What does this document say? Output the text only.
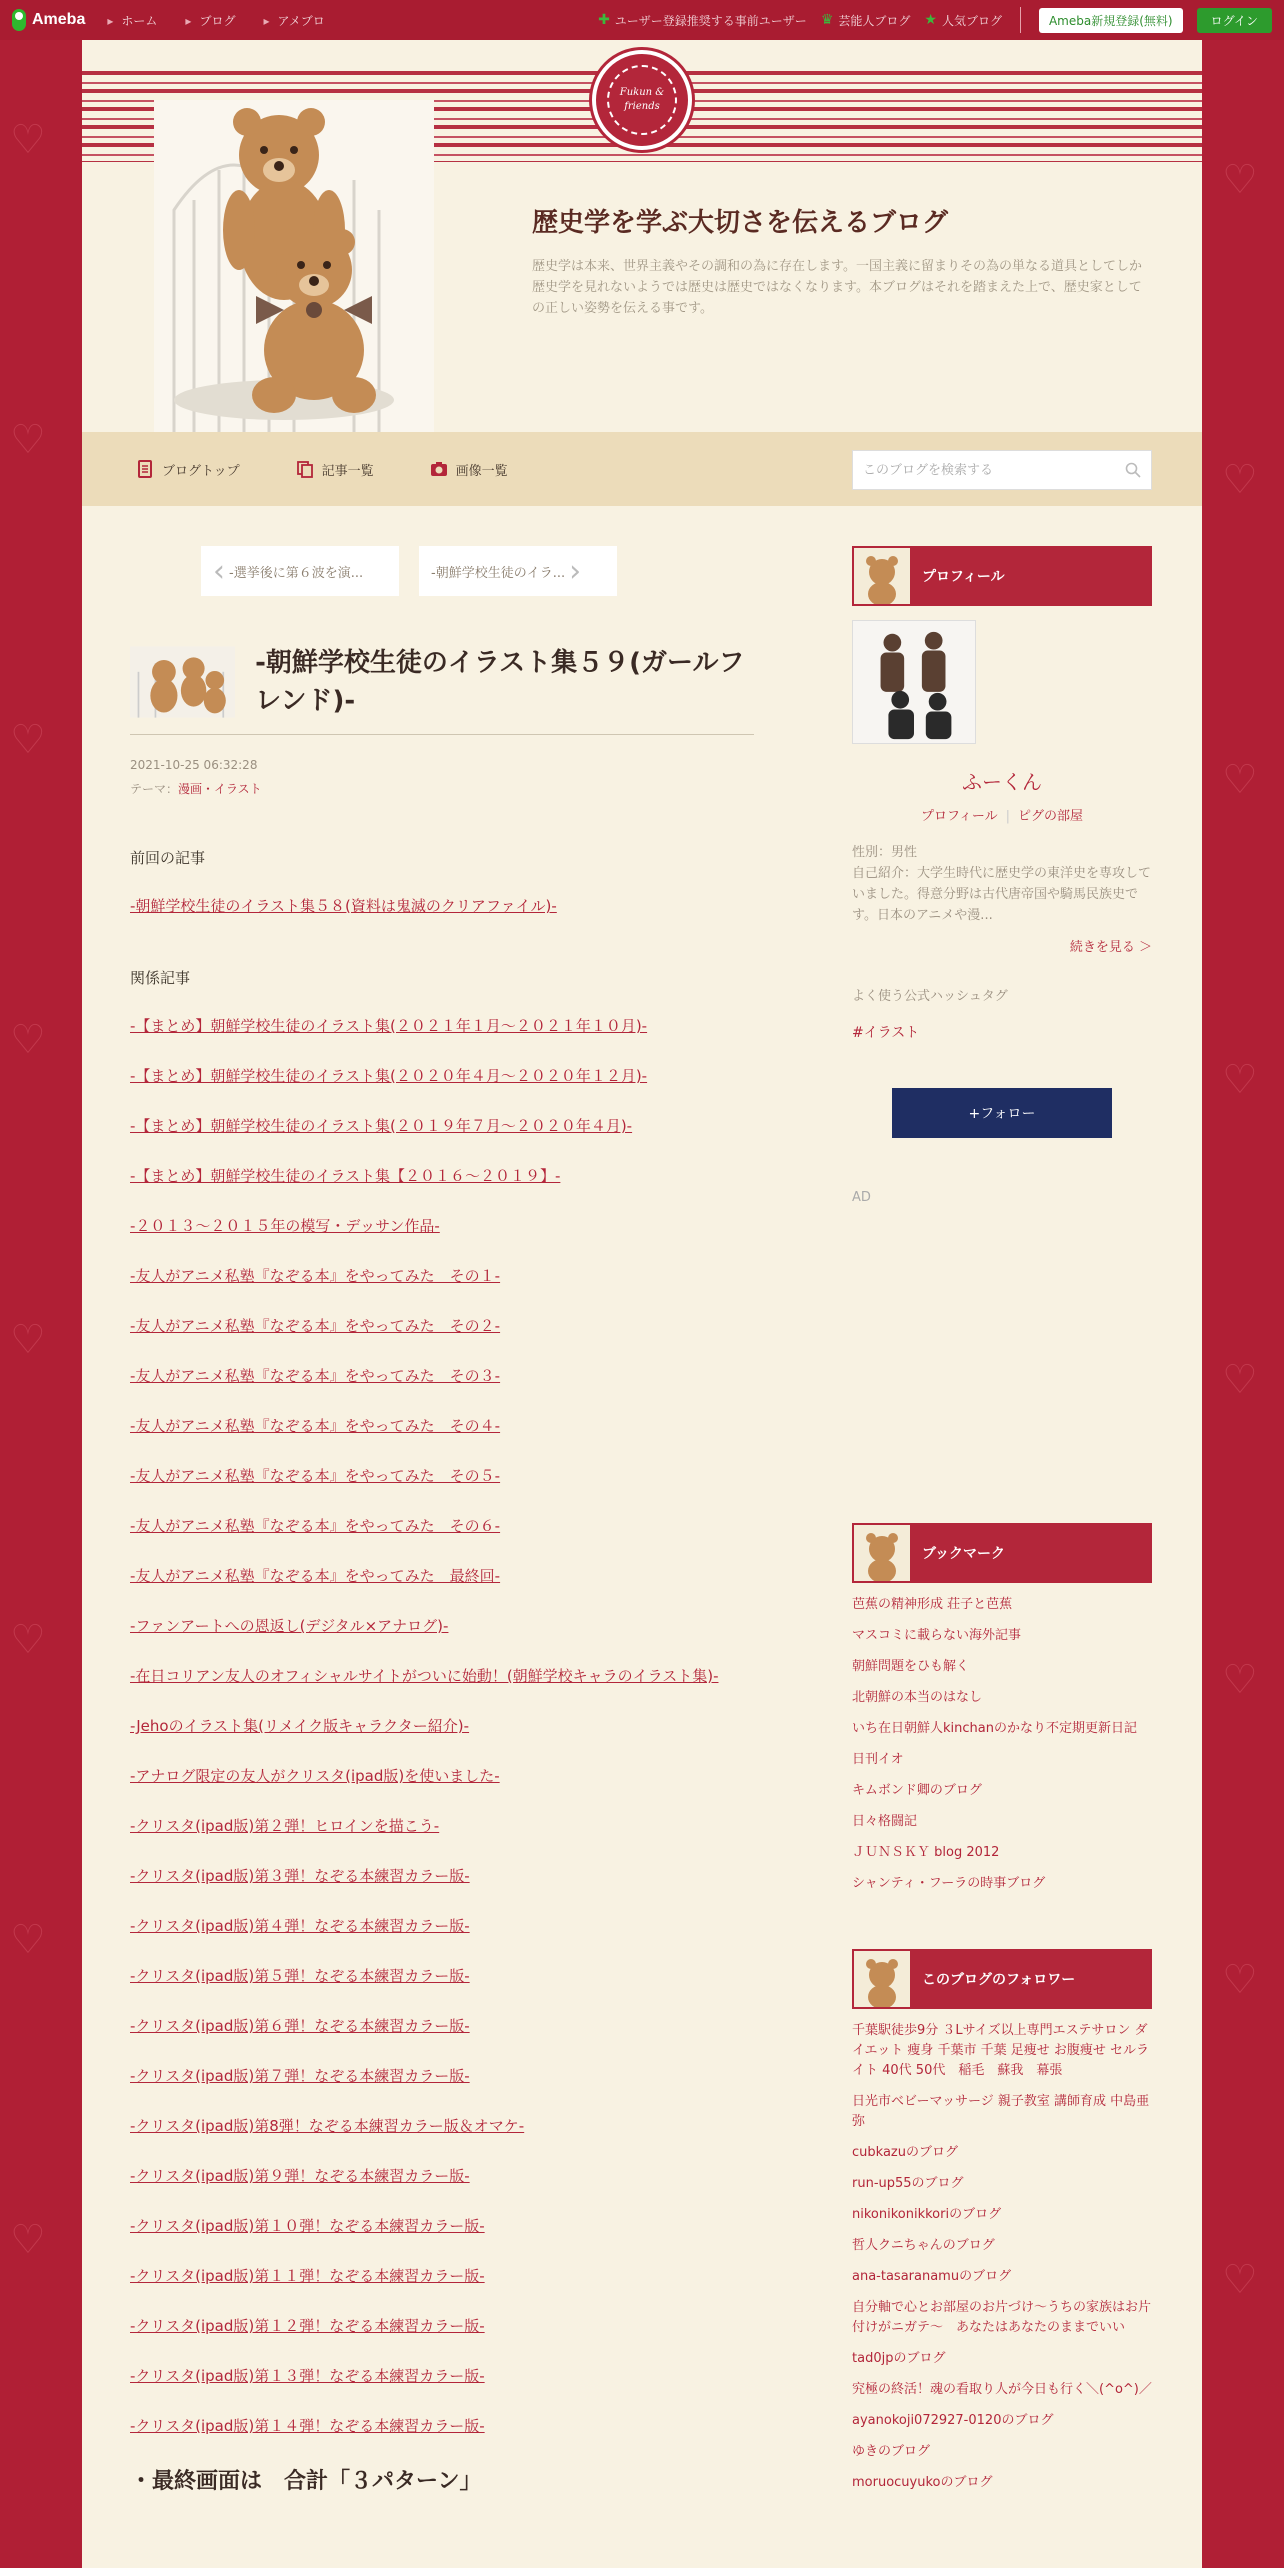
♡
♡
♡
♡
♡
♡
♡
♡
♡
♡
♡
♡
♡
♡
♡
♡
Ameba	▸ ホーム	▸ ブログ	▸ アメブロ	✚ ユーザー登録推奨する事前ユーザー ♛ 芸能人ブログ ★ 人気ブログ	Ameba新規登録(無料)	ログイン
Fukun & friends
歴史学を学ぶ大切さを伝えるブログ
歴史学は本来、世界主義やその調和の為に存在します。一国主義に留まりその為の単なる道具としてしか歴史学を見れないようでは歴史は歴史ではなくなります。本ブログはそれを踏まえた上で、歴史家としての正しい姿勢を伝える事です。
ブログトップ	記事一覧	画像一覧
このブログを検索する
‹ -選挙後に第６波を演...	-朝鮮学校生徒のイラ... ›
-朝鮮学校生徒のイラスト集５９(ガールフレンド)-
2021-10-25 06:32:28
テーマ：漫画・イラスト

前回の記事

-朝鮮学校生徒のイラスト集５８(資料は鬼滅のクリアファイル)-

関係記事

-【まとめ】朝鮮学校生徒のイラスト集(２０２１年１月～２０２１年１０月)-
-【まとめ】朝鮮学校生徒のイラスト集(２０２０年４月～２０２０年１２月)-
-【まとめ】朝鮮学校生徒のイラスト集(２０１９年７月～２０２０年４月)-
-【まとめ】朝鮮学校生徒のイラスト集【２０１６～２０１９】-
-２０１３～２０１５年の模写・デッサン作品-
-友人がアニメ私塾『なぞる本』をやってみた　その１-
-友人がアニメ私塾『なぞる本』をやってみた　その２-
-友人がアニメ私塾『なぞる本』をやってみた　その３-
-友人がアニメ私塾『なぞる本』をやってみた　その４-
-友人がアニメ私塾『なぞる本』をやってみた　その５-
-友人がアニメ私塾『なぞる本』をやってみた　その６-
-友人がアニメ私塾『なぞる本』をやってみた　最終回-
-ファンアートへの恩返し(デジタル×アナログ)-
-在日コリアン友人のオフィシャルサイトがついに始動！(朝鮮学校キャラのイラスト集)-
-Jehoのイラスト集(リメイク版キャラクター紹介)-
-アナログ限定の友人がクリスタ(ipad版)を使いました-
-クリスタ(ipad版)第２弾！ヒロインを描こう-
-クリスタ(ipad版)第３弾！なぞる本練習カラー版-
-クリスタ(ipad版)第４弾！なぞる本練習カラー版-
-クリスタ(ipad版)第５弾！なぞる本練習カラー版-
-クリスタ(ipad版)第６弾！なぞる本練習カラー版-
-クリスタ(ipad版)第７弾！なぞる本練習カラー版-
-クリスタ(ipad版)第8弾！なぞる本練習カラー版＆オマケ-
-クリスタ(ipad版)第９弾！なぞる本練習カラー版-
-クリスタ(ipad版)第１０弾！なぞる本練習カラー版-
-クリスタ(ipad版)第１１弾！なぞる本練習カラー版-
-クリスタ(ipad版)第１２弾！なぞる本練習カラー版-
-クリスタ(ipad版)第１３弾！なぞる本練習カラー版-
-クリスタ(ipad版)第１４弾！なぞる本練習カラー版-
・最終画面は　合計「３パターン」
プロフィール
ふーくん
プロフィール | ピグの部屋
性別：男性
自己紹介：大学生時代に歴史学の東洋史を専攻していました。得意分野は古代唐帝国や騎馬民族史です。日本のアニメや漫...
続きを見る ＞
よく使う公式ハッシュタグ
#イラスト
+フォロー
AD
ブックマーク
芭蕉の精神形成 荘子と芭蕉
マスコミに載らない海外記事
朝鮮問題をひも解く
北朝鮮の本当のはなし
いち在日朝鮮人kinchanのかなり不定期更新日記
日刊イオ
キムボンド卿のブログ
日々格闘記
ＪＵＮＳＫＹ blog 2012
シャンティ・フーラの時事ブログ
このブログのフォロワー
千葉駅徒歩9分 ３Lサイズ以上専門エステサロン ダイエット 痩身 千葉市 千葉 足痩せ お腹痩せ セルライト 40代 50代　稲毛　蘇我　幕張
日光市ベビーマッサージ 親子教室 講師育成 中島亜弥
cubkazuのブログ
run-up55のブログ
nikonikonikkoriのブログ
哲人クニちゃんのブログ
ana-tasaranamuのブログ
自分軸で心とお部屋のお片づけ～うちの家族はお片付けがニガテ～　あなたはあなたのままでいい
tad0jpのブログ
究極の終活！魂の看取り人が今日も行く＼(^o^)／
ayanokoji072927-0120のブログ
ゆきのブログ
moruocuyukoのブログ
